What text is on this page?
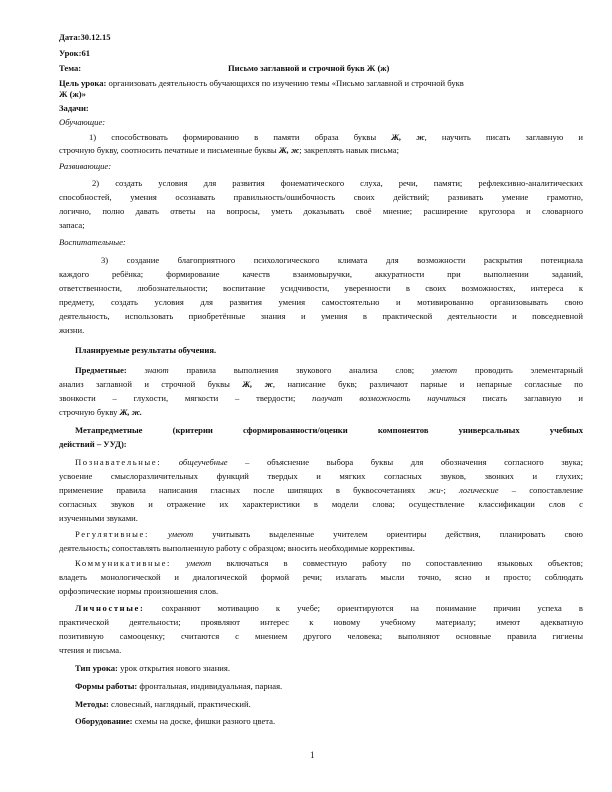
Дата:30.12.15
Урок:61
Тема:	Письмо заглавной и строчной букв Ж (ж)
Цель урока: организовать деятельность обучающихся по изучению темы «Письмо заглавной и строчной букв
Ж (ж)»
Задачи:
Обучающие:
1) способствовать формированию в памяти образа буквы Ж, ж, научить писать заглавную и
строчную букву, соотносить печатные и письменные буквы Ж, ж; закреплять навык письма;
Развивающие:
2) создать условия для развития фонематического слуха, речи, памяти; рефлексивно-аналитических
способностей, умения осознавать правильность/ошибочность своих действий; развивать умение грамотно,
логично, полно давать ответы на вопросы, уметь доказывать своё мнение; расширение кругозора и словарного
запаса;
Воспитательные:
3) создание благоприятного психологического климата для возможности раскрытия потенциала
каждого ребёнка; формирование качеств взаимовыручки, аккуратности при выполнении заданий,
ответственности, любознательности; воспитание усидчивости, уверенности в своих возможностях, интереса к
предмету, создать условия для развития умения самостоятельно и мотивированно организовывать свою
деятельность, использовать приобретённые знания и умения в практической деятельности и повседневной
жизни.
Планируемые результаты обучения.
Предметные: знают правила выполнения звукового анализа слов; умеют проводить элементарный
анализ заглавной и строчной буквы Ж, ж, написание букв; различают парные и непарные согласные по
звонкости – глухости, мягкости – твердости; получат возможность научиться писать заглавную и
строчную букву Ж, ж.
Метапредметные (критерии сформированности/оценки компонентов универсальных учебных
действий – УУД):
Познавательные: общеучебные – объяснение выбора буквы для обозначения согласного звука;
усвоение смыслоразличительных функций твердых и мягких согласных звуков, звонких и глухих;
применение правила написания гласных после шипящих в буквосочетаниях жи-; логические – сопоставление
согласных звуков и отражение их характеристики в модели слова; осуществление классификации слов с
изученными звуками.
Регулятивные: умеют учитывать выделенные учителем ориентиры действия, планировать свою
деятельность; сопоставлять выполненную работу с образцом; вносить необходимые коррективы.
Коммуникативные: умеют включаться в совместную работу по сопоставлению языковых объектов;
владеть монологической и диалогической формой речи; излагать мысли точно, ясно и просто; соблюдать
орфоэпические нормы произношения слов.
Личностные: сохраняют мотивацию к учебе; ориентируются на понимание причин успеха в
практической деятельности; проявляют интерес к новому учебному материалу; имеют адекватную
позитивную самооценку; считаются с мнением другого человека; выполняют основные правила гигиены
чтения и письма.
Тип урока: урок открытия нового знания.
Формы работы: фронтальная, индивидуальная, парная.
Методы: словесный, наглядный, практический.
Оборудование: схемы на доске, фишки разного цвета.
1
